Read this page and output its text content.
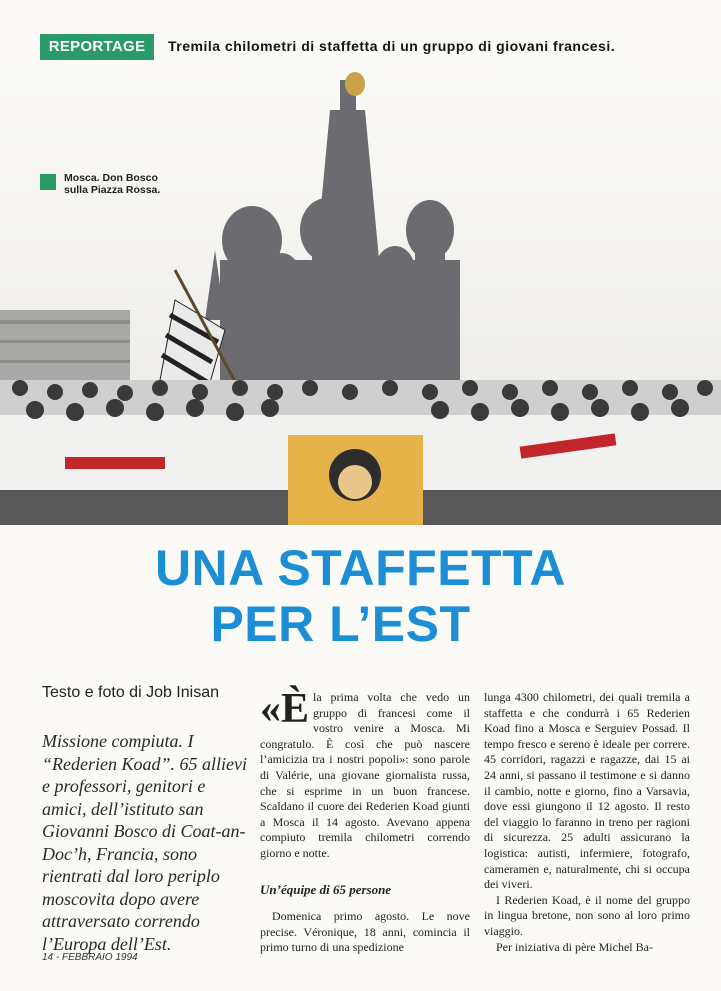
REPORTAGE	Tremila chilometri di staffetta di un gruppo di giovani francesi.
Mosca. Don Bosco
sulla Piazza Rossa.
UNA STAFFETTA
PER L’EST
Testo e foto di Job Inisan
Missione compiuta. I “Rederien Koad”. 65 allievi e professori, genitori e amici, dell’istituto san Giovanni Bosco di Coat-an-Doc’h, Francia, sono rientrati dal loro periplo moscovita dopo avere attraversato correndo l’Europa dell’Est.

«Èla prima volta che vedo un gruppo di francesi come il vostro venire a Mosca. Mi congratulo. È così che può nascere l’amicizia tra i nostri popoli»: sono parole di Valérie, una giovane giornalista russa, che si esprime in un buon francese. Scaldano il cuore dei Rederien Koad giunti a Mosca il 14 agosto. Avevano appena compiuto tremila chilometri correndo giorno e notte.

Un’équipe di 65 persone

Domenica primo agosto. Le nove precise. Véronique, 18 anni, comincia il primo turno di una spedizione

lunga 4300 chilometri, dei quali tremila a staffetta e che condurrà i 65 Rederien Koad fino a Mosca e Serguiev Possad. Il tempo fresco e sereno è ideale per correre. 45 corridori, ragazzi e ragazze, dai 15 ai 24 anni, si passano il testimone e si danno il cambio, notte e giorno, fino a Varsavia, dove essi giungono il 12 agosto. Il resto del viaggio lo faranno in treno per ragioni di sicurezza. 25 adulti assicurano la logistica: autisti, infermiere, fotografo, cameramen e, naturalmente, chi si occupa dei viveri.

I Rederien Koad, è il nome del gruppo in lingua bretone, non sono al loro primo viaggio.

Per iniziativa di père Michel Ba-

14 - FEBBRAIO 1994
